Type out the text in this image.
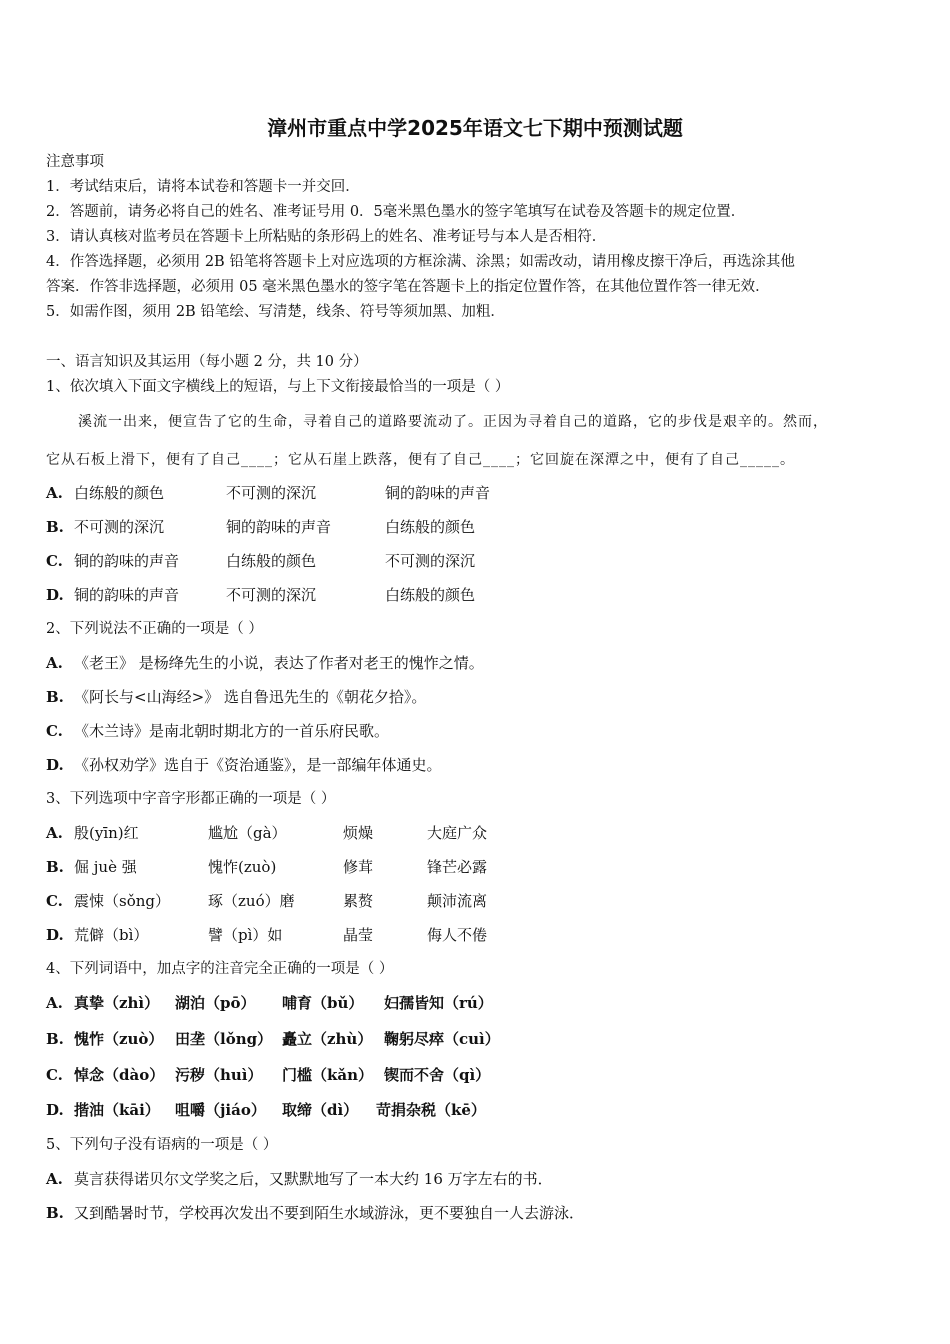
漳州市重点中学2025年语文七下期中预测试题
注意事项
1．考试结束后，请将本试卷和答题卡一并交回．
2．答题前，请务必将自己的姓名、准考证号用 0．5毫米黑色墨水的签字笔填写在试卷及答题卡的规定位置．
3．请认真核对监考员在答题卡上所粘贴的条形码上的姓名、准考证号与本人是否相符．
4．作答选择题，必须用 2B 铅笔将答题卡上对应选项的方框涂满、涂黑；如需改动，请用橡皮擦干净后，再选涂其他
答案．作答非选择题，必须用 05 毫米黑色墨水的签字笔在答题卡上的指定位置作答，在其他位置作答一律无效．
5．如需作图，须用 2B 铅笔绘、写清楚，线条、符号等须加黑、加粗．
一、语言知识及其运用（每小题 2 分，共 10 分）
1、依次填入下面文字横线上的短语，与上下文衔接最恰当的一项是（ ）
溪流一出来，便宣告了它的生命，寻着自己的道路要流动了。正因为寻着自己的道路，它的步伐是艰辛的。然而，
它从石板上滑下，便有了自己____；它从石崖上跌落，便有了自己____；它回旋在深潭之中，便有了自己_____。
A. 白练般的颜色	不可测的深沉	铜的韵味的声音
B. 不可测的深沉	铜的韵味的声音	白练般的颜色
C. 铜的韵味的声音	白练般的颜色	不可测的深沉
D. 铜的韵味的声音	不可测的深沉	白练般的颜色
2、下列说法不正确的一项是（ ）
A. 《老王》 是杨绛先生的小说，表达了作者对老王的愧怍之情。
B. 《阿长与<山海经>》 选自鲁迅先生的《朝花夕拾》。
C. 《木兰诗》是南北朝时期北方的一首乐府民歌。
D. 《孙权劝学》选自于《资治通鉴》，是一部编年体通史。
3、下列选项中字音字形都正确的一项是（ ）
A. 殷(yīn)红	尴尬（gà）	烦燥	大庭广众
B. 倔 juè 强	愧怍(zuò)	修茸	锋芒必露
C. 震悚（sǒng）	琢（zuó）磨	累赘	颠沛流离
D. 荒僻（bì）	譬（pì）如	晶莹	侮人不倦
4、下列词语中，加点字的注音完全正确的一项是（ ）
A. 真挚（zhì） 湖泊（pō） 哺育（bǔ） 妇孺皆知（rú）
B. 愧怍（zuò） 田垄（lǒng） 矗立（zhù） 鞠躬尽瘁（cuì）
C. 悼念（dào） 污秽（huì） 门槛（kǎn） 锲而不舍（qì）
D. 揩油（kāi） 咀嚼（jiáo） 取缔（dì） 苛捐杂税（kē）
5、下列句子没有语病的一项是（ ）
A. 莫言获得诺贝尔文学奖之后，又默默地写了一本大约 16 万字左右的书．
B. 又到酷暑时节，学校再次发出不要到陌生水域游泳，更不要独自一人去游泳．
